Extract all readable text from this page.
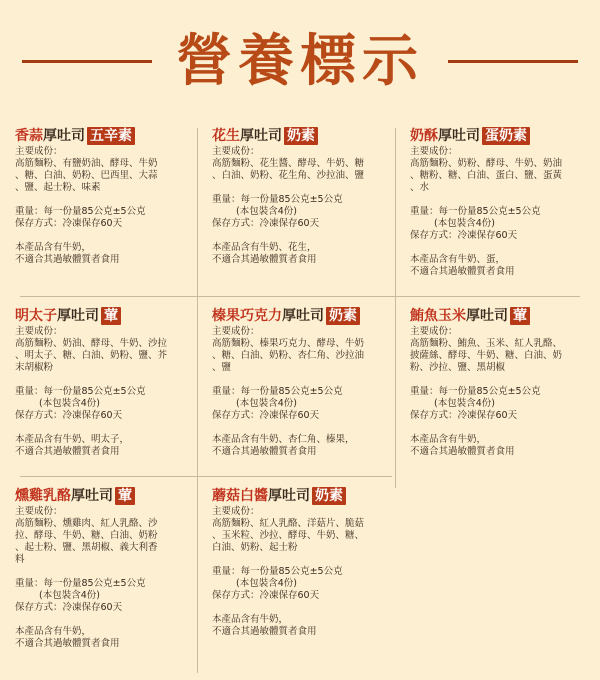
營養標示
香蒜厚吐司 五辛素

主要成份：

高筋麵粉、有鹽奶油、酵母、牛奶

、糖、白油、奶粉、巴西里、大蒜

、鹽、起士粉、味素

重量：每一份量85公克±5公克

保存方式：冷凍保存60天

本產品含有牛奶，

不適合其過敏體質者食用

花生厚吐司 奶素

主要成份：

高筋麵粉、花生醬、酵母、牛奶、糖

、白油、奶粉、花生角、沙拉油、鹽

重量：每一份量85公克±5公克

(本包裝含4份)

保存方式：冷凍保存60天

本產品含有牛奶、花生，

不適合其過敏體質者食用

奶酥厚吐司 蛋奶素

主要成份：

高筋麵粉、奶粉、酵母、牛奶、奶油

、糖粉、糖、白油、蛋白、鹽、蛋黃

、水

重量：每一份量85公克±5公克

(本包裝含4份)

保存方式：冷凍保存60天

本產品含有牛奶、蛋，

不適合其過敏體質者食用

明太子厚吐司 葷

主要成份：

高筋麵粉、奶油、酵母、牛奶、沙拉

、明太子、糖、白油、奶粉、鹽、芥

末胡椒粉

重量：每一份量85公克±5公克

(本包裝含4份)

保存方式：冷凍保存60天

本產品含有牛奶、明太子，

不適合其過敏體質者食用

榛果巧克力厚吐司 奶素

主要成份：

高筋麵粉、榛果巧克力、酵母、牛奶

、糖、白油、奶粉、杏仁角、沙拉油

、鹽

重量：每一份量85公克±5公克

(本包裝含4份)

保存方式：冷凍保存60天

本產品含有牛奶、杏仁角、榛果，

不適合其過敏體質者食用

鮪魚玉米厚吐司 葷

主要成份：

高筋麵粉、鮪魚、玉米、紅人乳酪、

披薩絲、酵母、牛奶、糖、白油、奶

粉、沙拉、鹽、黑胡椒

重量：每一份量85公克±5公克

(本包裝含4份)

保存方式：冷凍保存60天

本產品含有牛奶，

不適合其過敏體質者食用

燻雞乳酪厚吐司 葷

主要成份：

高筋麵粉、燻雞肉、紅人乳酪、沙

拉、酵母、牛奶、糖、白油、奶粉

、起士粉、鹽、黑胡椒、義大利香

料

重量：每一份量85公克±5公克

(本包裝含4份)

保存方式：冷凍保存60天

本產品含有牛奶，

不適合其過敏體質者食用

蘑菇白醬厚吐司 奶素

主要成份：

高筋麵粉、紅人乳酪、洋菇片、脆菇

、玉米粒、沙拉、酵母、牛奶、糖、

白油、奶粉、起士粉

重量：每一份量85公克±5公克

(本包裝含4份)

保存方式：冷凍保存60天

本產品含有牛奶，

不適合其過敏體質者食用
